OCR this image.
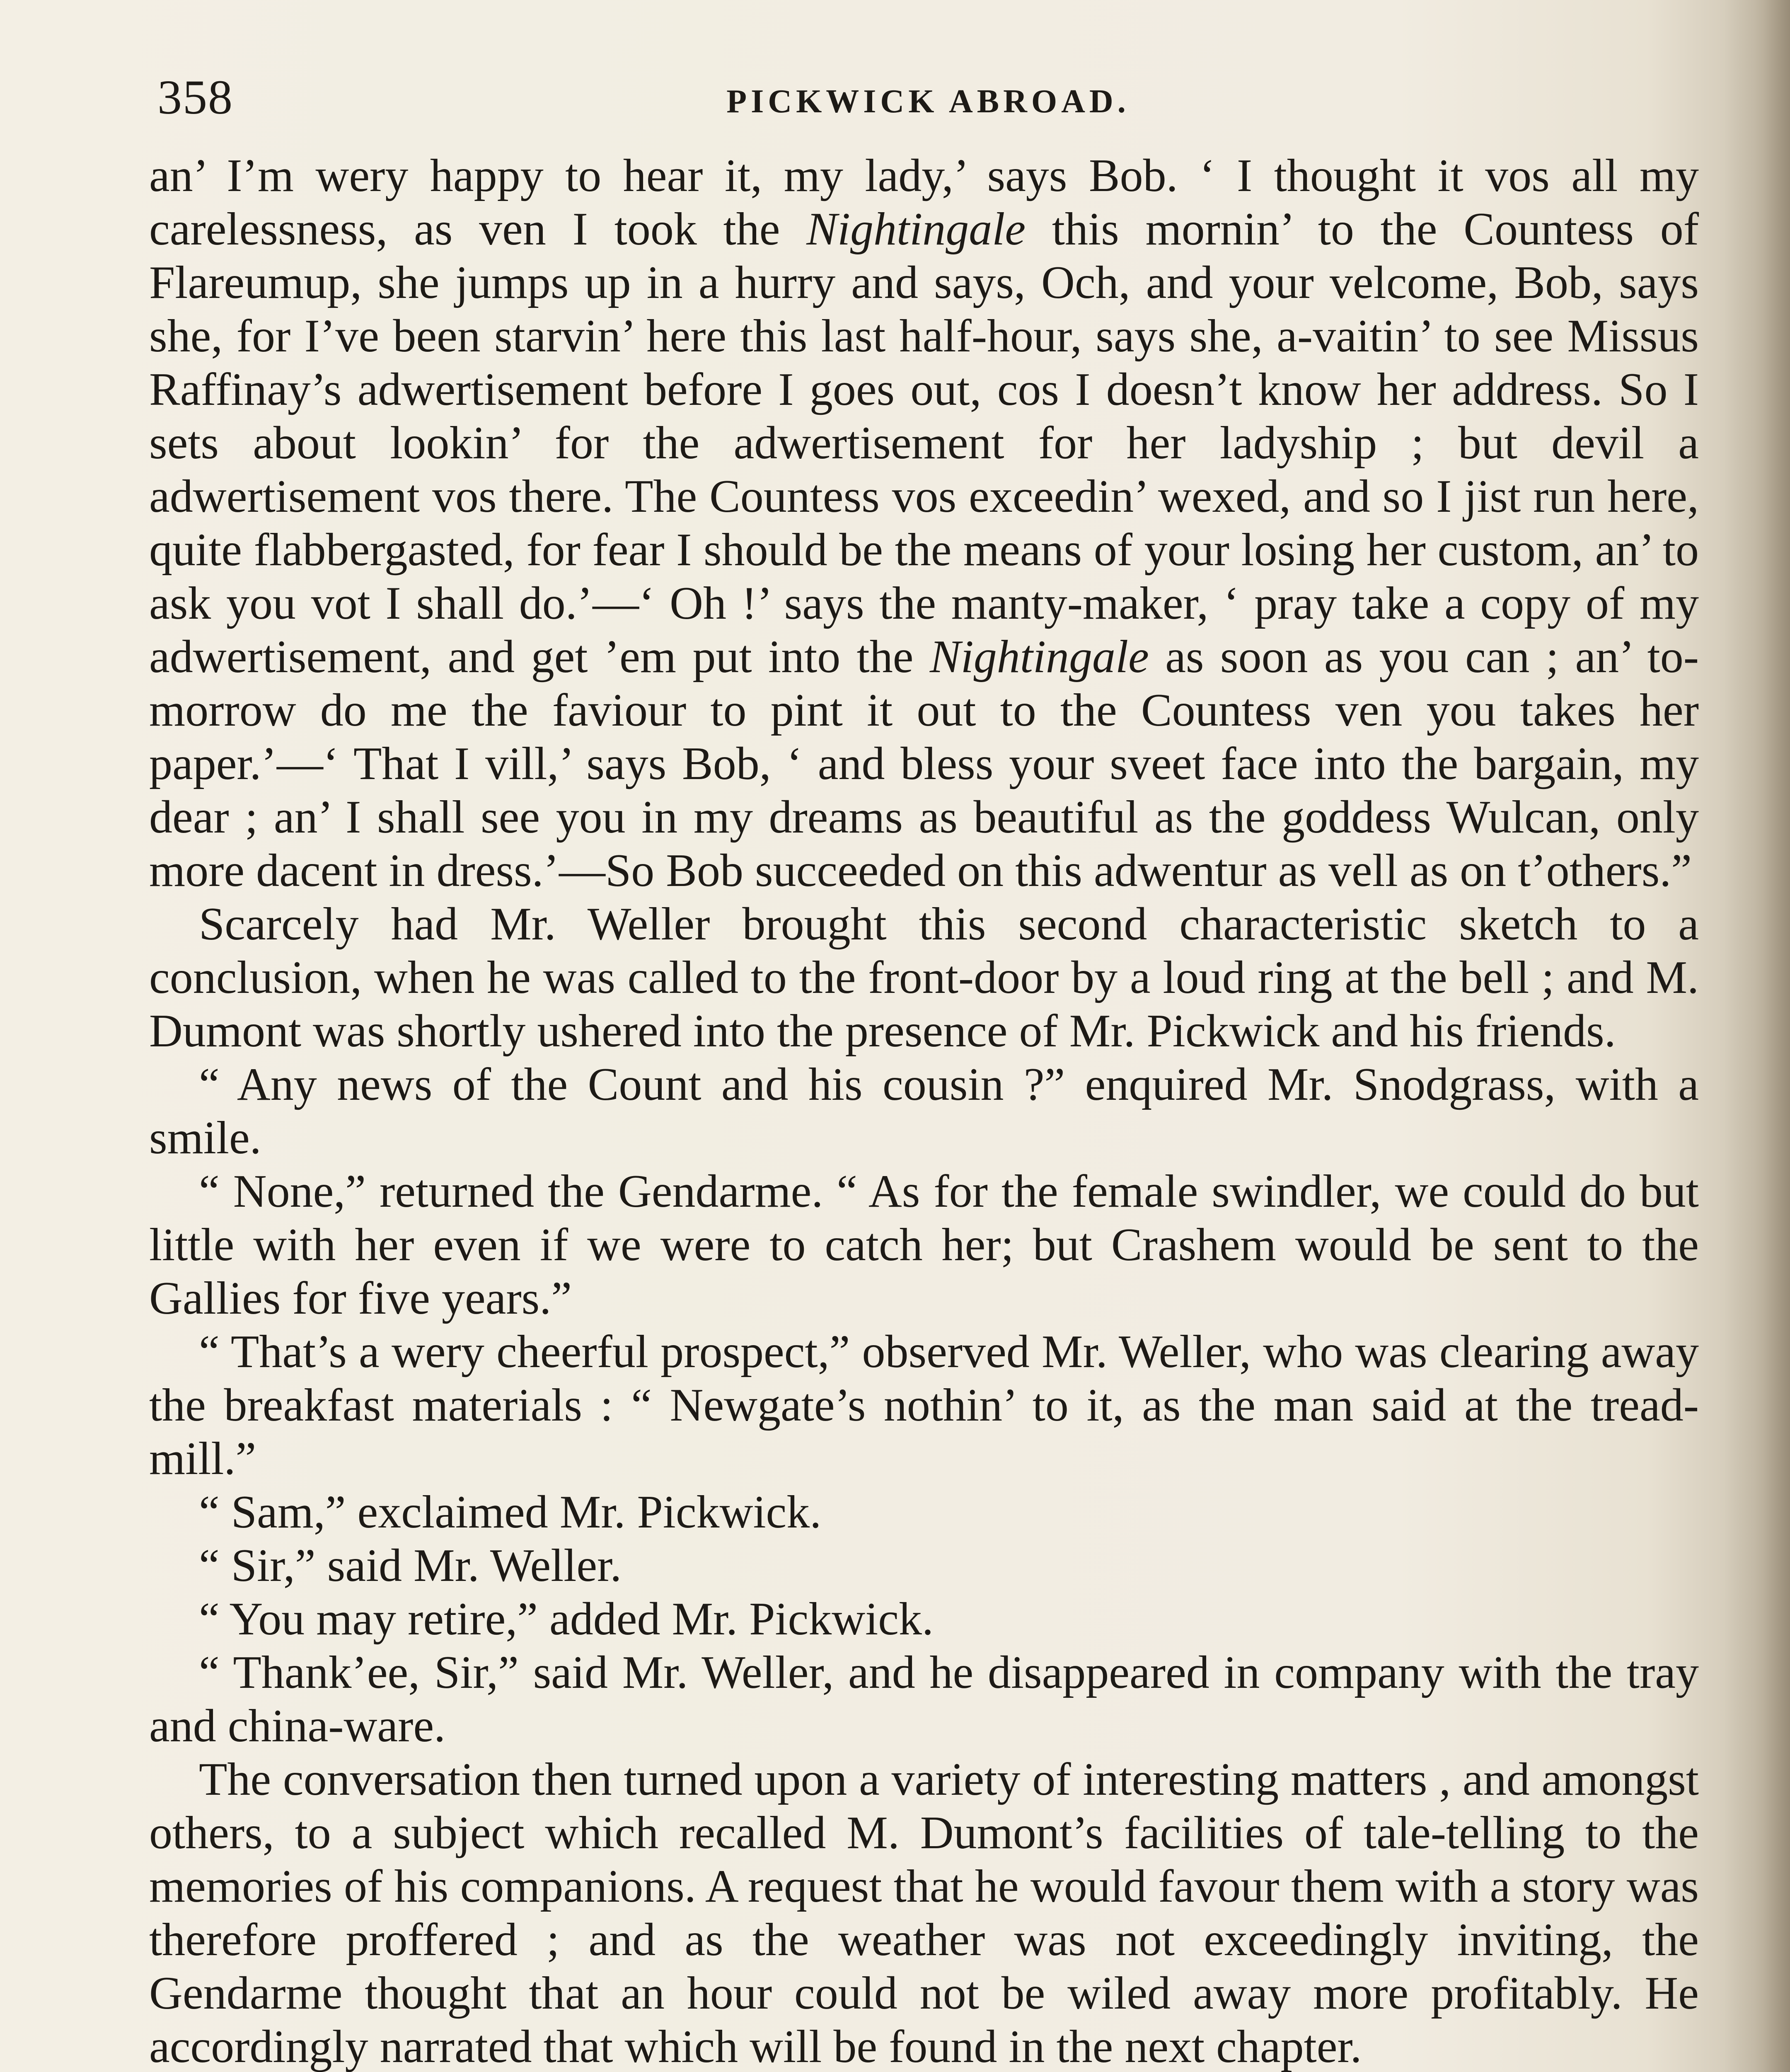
358	PICKWICK ABROAD.

an’ I’m wery happy to hear it, my lady,’ says Bob. ‘ I thought it vos all my carelessness, as ven I took the Nightingale this mornin’ to the Countess of Flareumup, she jumps up in a hurry and says, Och, and your velcome, Bob, says she, for I’ve been starvin’ here this last half-hour, says she, a-vaitin’ to see Missus Raffinay’s adwertisement before I goes out, cos I doesn’t know her address. So I sets about lookin’ for the adwertisement for her ladyship ; but devil a adwertisement vos there. The Countess vos exceedin’ wexed, and so I jist run here, quite flabbergasted, for fear I should be the means of your losing her custom, an’ to ask you vot I shall do.’—‘ Oh !’ says the manty-maker, ‘ pray take a copy of my adwertisement, and get ’em put into the Nightingale as soon as you can ; an’ to-morrow do me the faviour to pint it out to the Countess ven you takes her paper.’—‘ That I vill,’ says Bob, ‘ and bless your sveet face into the bargain, my dear ; an’ I shall see you in my dreams as beautiful as the goddess Wulcan, only more dacent in dress.’—So Bob succeeded on this adwentur as vell as on t’others.”

Scarcely had Mr. Weller brought this second characteristic sketch to a conclusion, when he was called to the front-door by a loud ring at the bell ; and M. Dumont was shortly ushered into the presence of Mr. Pickwick and his friends.

“ Any news of the Count and his cousin ?” enquired Mr. Snodgrass, with a smile.

“ None,” returned the Gendarme. “ As for the female swindler, we could do but little with her even if we were to catch her; but Crashem would be sent to the Gallies for five years.”

“ That’s a wery cheerful prospect,” observed Mr. Weller, who was clearing away the breakfast materials : “ Newgate’s nothin’ to it, as the man said at the tread-mill.”

“ Sam,” exclaimed Mr. Pickwick.

“ Sir,” said Mr. Weller.

“ You may retire,” added Mr. Pickwick.

“ Thank’ee, Sir,” said Mr. Weller, and he disappeared in company with the tray and china-ware.

The conversation then turned upon a variety of interesting matters , and amongst others, to a subject which recalled M. Dumont’s facilities of tale-telling to the memories of his companions. A request that he would favour them with a story was therefore proffered ; and as the weather was not exceedingly inviting, the Gendarme thought that an hour could not be wiled away more profitably. He accordingly narrated that which will be found in the next chapter.
